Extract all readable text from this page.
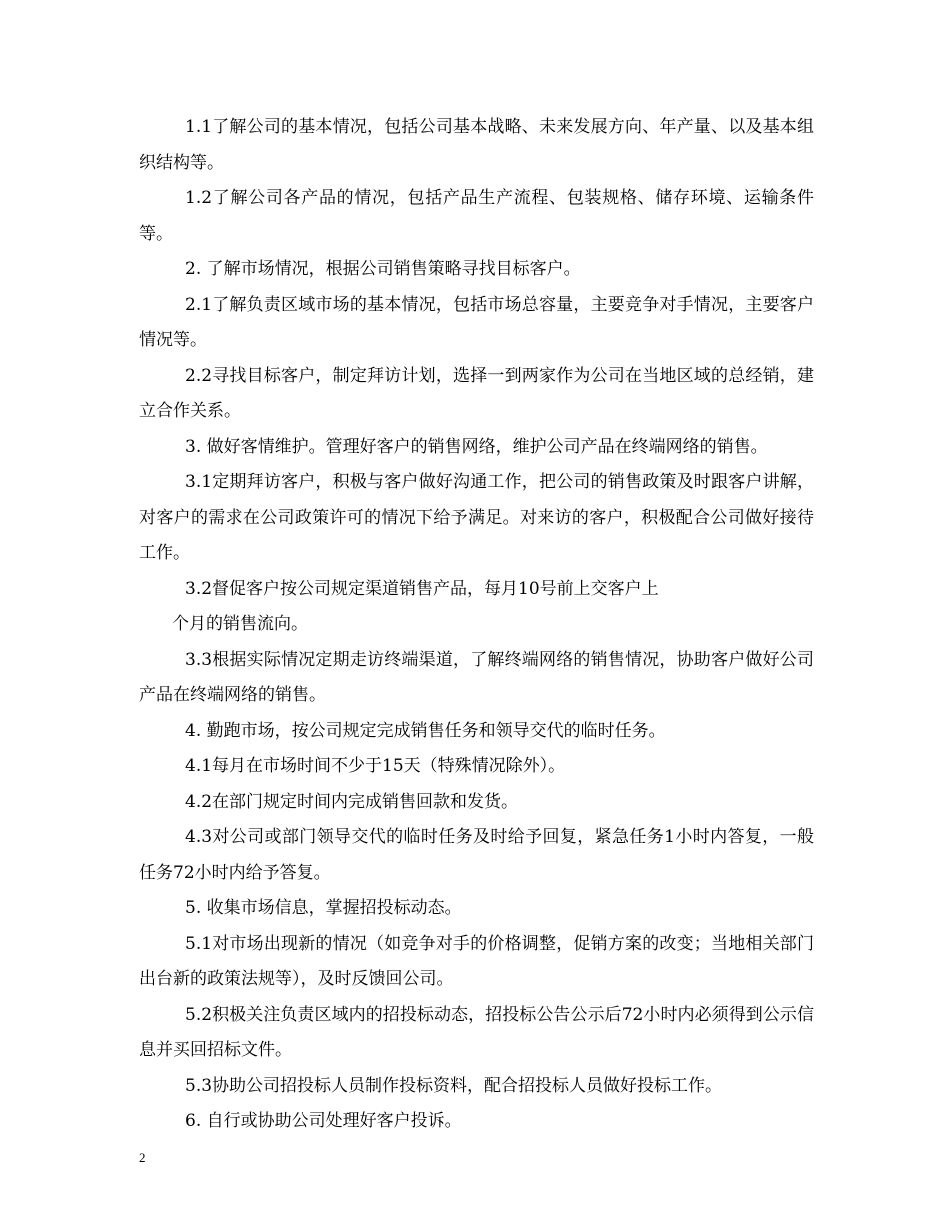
1.1了解公司的基本情况，包括公司基本战略、未来发展方向、年产量、以及基本组织结构等。

1.2了解公司各产品的情况，包括产品生产流程、包装规格、储存环境、运输条件等。

2. 了解市场情况，根据公司销售策略寻找目标客户。

2.1了解负责区域市场的基本情况，包括市场总容量，主要竞争对手情况，主要客户情况等。

2.2寻找目标客户，制定拜访计划，选择一到两家作为公司在当地区域的总经销，建立合作关系。

3. 做好客情维护。管理好客户的销售网络，维护公司产品在终端网络的销售。

3.1定期拜访客户，积极与客户做好沟通工作，把公司的销售政策及时跟客户讲解，对客户的需求在公司政策许可的情况下给予满足。对来访的客户，积极配合公司做好接待工作。

3.2督促客户按公司规定渠道销售产品，每月10号前上交客户上

个月的销售流向。

3.3根据实际情况定期走访终端渠道，了解终端网络的销售情况，协助客户做好公司产品在终端网络的销售。

4. 勤跑市场，按公司规定完成销售任务和领导交代的临时任务。

4.1每月在市场时间不少于15天（特殊情况除外）。

4.2在部门规定时间内完成销售回款和发货。

4.3对公司或部门领导交代的临时任务及时给予回复，紧急任务1小时内答复，一般任务72小时内给予答复。

5. 收集市场信息，掌握招投标动态。

5.1对市场出现新的情况（如竞争对手的价格调整，促销方案的改变；当地相关部门出台新的政策法规等），及时反馈回公司。

5.2积极关注负责区域内的招投标动态，招投标公告公示后72小时内必须得到公示信息并买回招标文件。

5.3协助公司招投标人员制作投标资料，配合招投标人员做好投标工作。

6. 自行或协助公司处理好客户投诉。

2
